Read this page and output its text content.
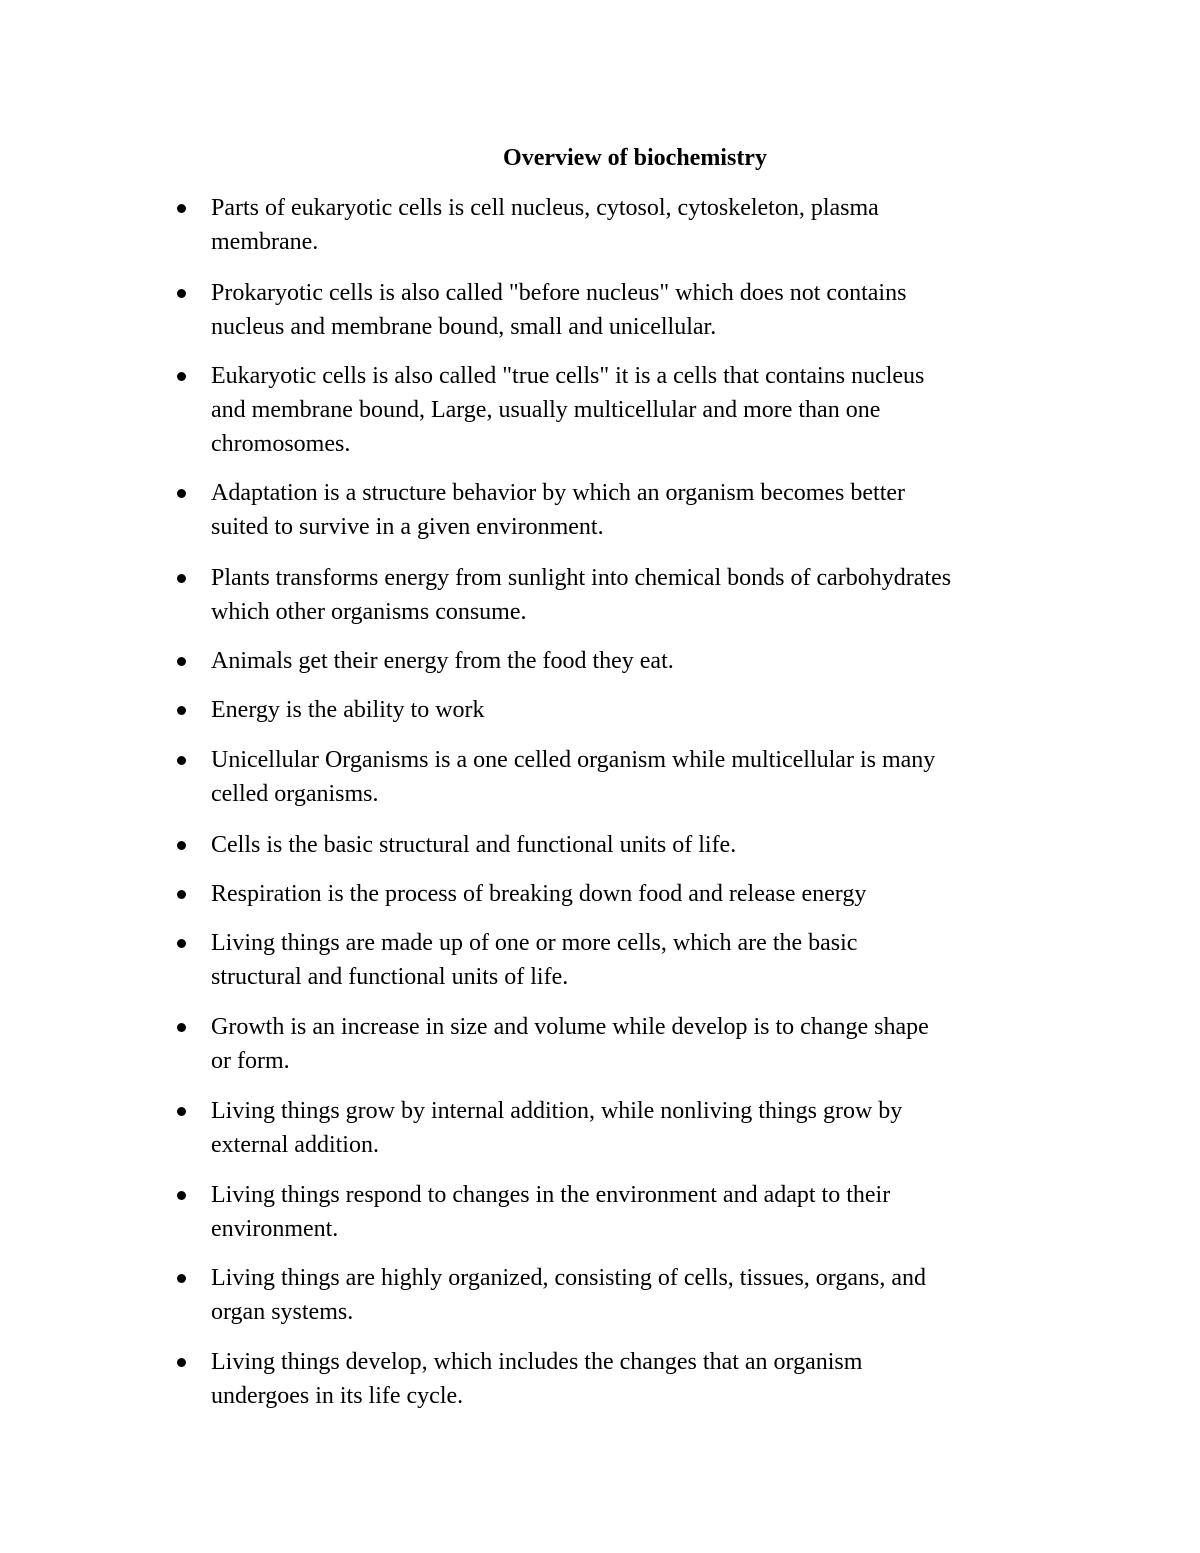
Overview of biochemistry

Parts of eukaryotic cells is cell nucleus, cytosol, cytoskeleton, plasma
membrane.

Prokaryotic cells is also called "before nucleus" which does not contains
nucleus and membrane bound, small and unicellular.

Eukaryotic cells is also called "true cells" it is a cells that contains nucleus
and membrane bound, Large, usually multicellular and more than one
chromosomes.

Adaptation is a structure behavior by which an organism becomes better
suited to survive in a given environment.

Plants transforms energy from sunlight into chemical bonds of carbohydrates
which other organisms consume.

Animals get their energy from the food they eat.

Energy is the ability to work

Unicellular Organisms is a one celled organism while multicellular is many
celled organisms.

Cells is the basic structural and functional units of life.

Respiration is the process of breaking down food and release energy

Living things are made up of one or more cells, which are the basic
structural and functional units of life.

Growth is an increase in size and volume while develop is to change shape
or form.

Living things grow by internal addition, while nonliving things grow by
external addition.

Living things respond to changes in the environment and adapt to their
environment.

Living things are highly organized, consisting of cells, tissues, organs, and
organ systems.

Living things develop, which includes the changes that an organism
undergoes in its life cycle.
